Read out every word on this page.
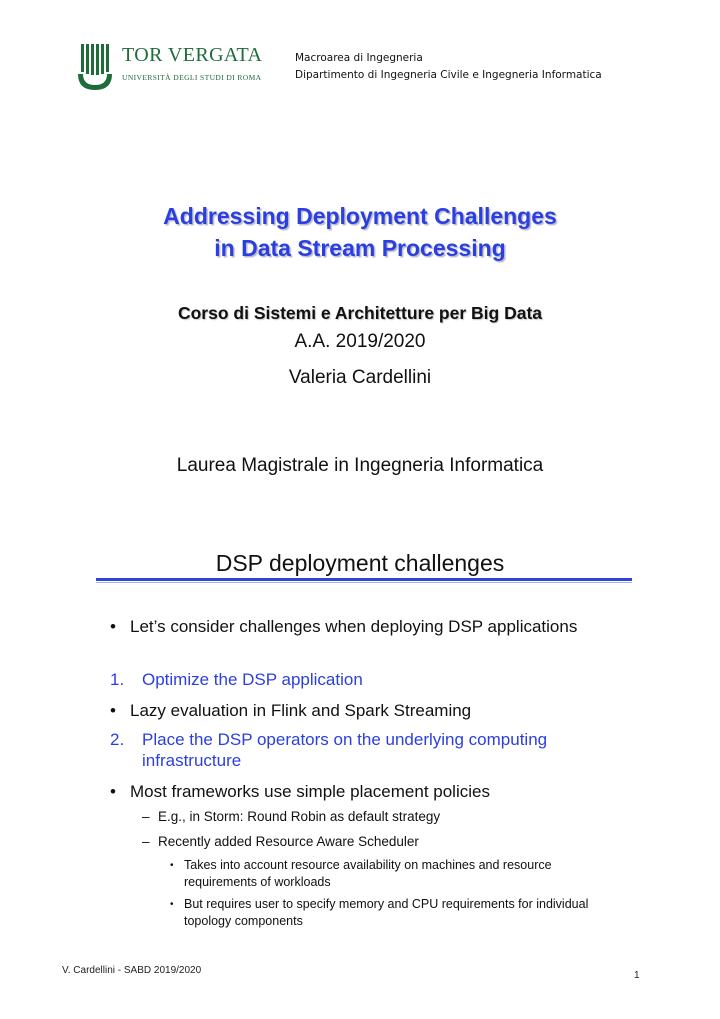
TOR VERGATA
UNIVERSITÀ DEGLI STUDI DI ROMA
Macroarea di Ingegneria
Dipartimento di Ingegneria Civile e Ingegneria Informatica
Addressing Deployment Challenges
in Data Stream Processing
Corso di Sistemi e Architetture per Big Data
A.A. 2019/2020
Valeria Cardellini
Laurea Magistrale in Ingegneria Informatica
DSP deployment challenges
• Let’s consider challenges when deploying DSP applications
1. Optimize the DSP application
• Lazy evaluation in Flink and Spark Streaming
2. Place the DSP operators on the underlying computing infrastructure
• Most frameworks use simple placement policies
– E.g., in Storm: Round Robin as default strategy
– Recently added Resource Aware Scheduler
• Takes into account resource availability on machines and resource requirements of workloads
• But requires user to specify memory and CPU requirements for individual topology components
V. Cardellini - SABD 2019/2020	1
